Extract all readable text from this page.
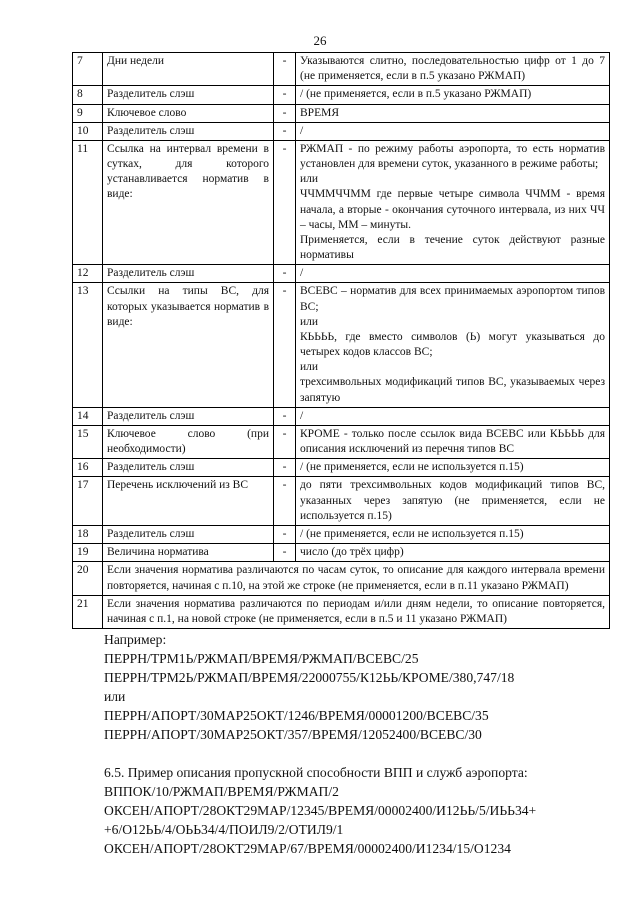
26
7	Дни недели	-	Указываются слитно, последовательностью цифр от 1 до 7 (не применяется, если в п.5 указано РЖМАП)

8	Разделитель слэш	-	/ (не применяется, если в п.5 указано РЖМАП)

9	Ключевое слово	-	ВРЕМЯ

10	Разделитель слэш	-	/

11	Ссылка на интервал времени в сутках, для которого устанавливается норматив в виде:	-	РЖМАП - по режиму работы аэропорта, то есть норматив установлен для времени суток, указанного в режиме работы;
или
ЧЧММЧЧММ где первые четыре символа ЧЧММ - время начала, а вторые - окончания суточного интервала, из них ЧЧ – часы, ММ – минуты.
Применяется, если в течение суток действуют разные нормативы

12	Разделитель слэш	-	/

13	Ссылки на типы ВС, для которых указывается норматив в виде:	-	ВСЕВС – норматив для всех принимаемых аэропортом типов ВС;
или
КЬЬЬЬ, где вместо символов (Ь) могут указываться до четырех кодов классов ВС;
или
трехсимвольных модификаций типов ВС, указываемых через запятую

14	Разделитель слэш	-	/

15	Ключевое слово (при необходимости)	-	КРОМЕ - только после ссылок вида ВСЕВС или КЬЬЬЬ для описания исключений из перечня типов ВС

16	Разделитель слэш	-	/ (не применяется, если не используется п.15)

17	Перечень исключений из ВС	-	до пяти трехсимвольных кодов модификаций типов ВС, указанных через запятую (не применяется, если не используется п.15)

18	Разделитель слэш	-	/ (не применяется, если не используется п.15)

19	Величина норматива	-	число (до трёх цифр)

20	Если значения норматива различаются по часам суток, то описание для каждого интервала времени повторяется, начиная с п.10, на этой же строке (не применяется, если в п.11 указано РЖМАП)		
21	Если значения норматива различаются по периодам и/или дням недели, то описание повторяется, начиная с п.1, на новой строке (не применяется, если в п.5 и 11 указано РЖМАП)		
Например:
ПЕРРН/ТРМ1Ь/РЖМАП/ВРЕМЯ/РЖМАП/ВСЕВС/25
ПЕРРН/ТРМ2Ь/РЖМАП/ВРЕМЯ/22000755/К12ЬЬ/КРОМЕ/380,747/18
или
ПЕРРН/АПОРТ/30МАР25ОКТ/1246/ВРЕМЯ/00001200/ВСЕВС/35
ПЕРРН/АПОРТ/30МАР25ОКТ/357/ВРЕМЯ/12052400/ВСЕВС/30
6.5. Пример описания пропускной способности ВПП и служб аэропорта:
ВППОК/10/РЖМАП/ВРЕМЯ/РЖМАП/2
ОКСЕН/АПОРТ/28ОКТ29МАР/12345/ВРЕМЯ/00002400/И12ЬЬ/5/ИЬЬ34+
+6/О12ЬЬ/4/ОЬЬ34/4/ПОИЛ9/2/ОТИЛ9/1
ОКСЕН/АПОРТ/28ОКТ29МАР/67/ВРЕМЯ/00002400/И1234/15/О1234
